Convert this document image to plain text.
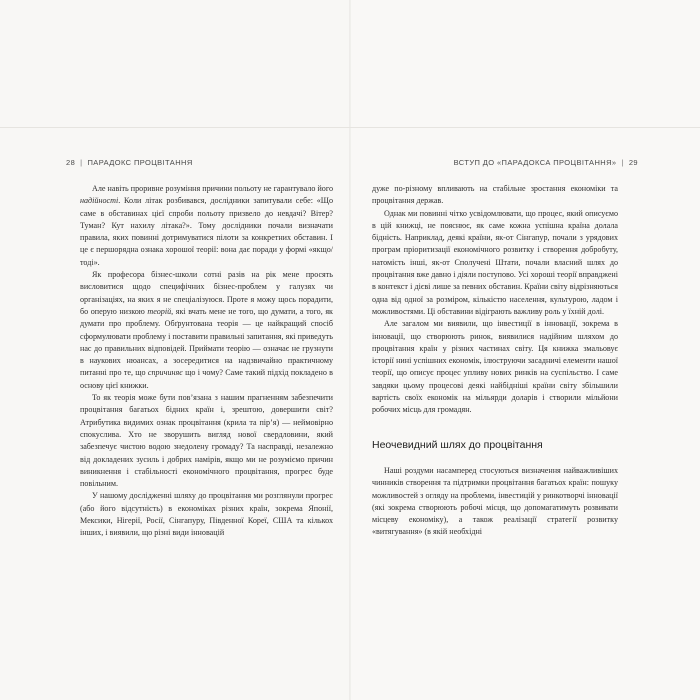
28 | ПАРАДОКС ПРОЦВІТАННЯ	ВСТУП ДО «ПАРАДОКСА ПРОЦВІТАННЯ» | 29

Але навіть проривне розуміння причини польоту не гарантувало його надійності. Коли літак розбивався, дослідники запитували себе: «Що саме в обставинах цієї спроби польоту призвело до невдачі? Вітер? Туман? Кут нахилу літака?». Тому дослідники почали визначати правила, яких повинні дотримуватися пілоти за конкретних обставин. І це є першорядна ознака хорошої теорії: вона дає поради у формі «якщо/тоді».

Як професора бізнес-школи сотні разів на рік мене просять висловитися щодо специфічних бізнес-проблем у галузях чи організаціях, на яких я не спеціалізуюся. Проте я можу щось порадити, бо оперую низкою теорій, які вчать мене не того, що думати, а того, як думати про проблему. Обґрунтована теорія — це найкращий спосіб сформулювати проблему і поставити правильні запитання, які приведуть нас до правильних відповідей. Приймати теорію — означає не грузнути в наукових нюансах, а зосередитися на надзвичайно практичному питанні про те, що спричиняє що і чому? Саме такий підхід покладено в основу цієї книжки.

То як теорія може бути пов’язана з нашим прагненням забезпечити процвітання багатьох бідних країн і, зрештою, довершити світ? Атрибутика видимих ознак процвітання (крила та пір’я) — неймовірно спокуслива. Хто не зворушить вигляд нової свердловини, який забезпечує чистою водою знедолену громаду? Та насправді, незалежно від докладених зусиль і добрих намірів, якщо ми не розуміємо причин виникнення і стабільності економічного процвітання, прогрес буде повільним.

У нашому дослідженні шляху до процвітання ми розглянули прогрес (або його відсутність) в економіках різних країн, зокрема Японії, Мексики, Нігерії, Росії, Сінгапуру, Південної Кореї, США та кількох інших, і виявили, що різні види інновацій

дуже по-різному впливають на стабільне зростання економіки та процвітання держав.

Однак ми повинні чітко усвідомлювати, що процес, який описуємо в цій книжці, не пояснює, як саме кожна успішна країна долала бідність. Наприклад, деякі країни, як-от Сінгапур, почали з урядових програм пріоритизації економічного розвитку і створення добробуту, натомість інші, як-от Сполучені Штати, почали власний шлях до процвітання вже давно і діяли поступово. Усі хороші теорії вправджені в контекст і дієві лише за певних обставин. Країни світу відрізняються одна від одної за розміром, кількістю населення, культурою, ладом і можливостями. Ці обставини відіграють важливу роль у їхній долі.

Але загалом ми виявили, що інвестиції в інновації, зокрема в інновації, що створюють ринок, виявилися надійним шляхом до процвітання країн у різних частинах світу. Ця книжка змальовує історії нині успішних економік, ілюструючи засадничі елементи нашої теорії, що описує процес упливу нових ринків на суспільство. І саме завдяки цьому процесові деякі найбідніші країни світу збільшили вартість своїх економік на мільярди доларів і створили мільйони робочих місць для громадян.

Неочевидний шлях до процвітання

Наші роздуми насамперед стосуються визначення найважливіших чинників створення та підтримки процвітання багатьох країн: пошуку можливостей з огляду на проблеми, інвестицій у ринкотворчі інновації (які зокрема створюють робочі місця, що допомагатимуть розвивати місцеву економіку), а також реалізації стратегії розвитку «витягування» (в якій необхідні
